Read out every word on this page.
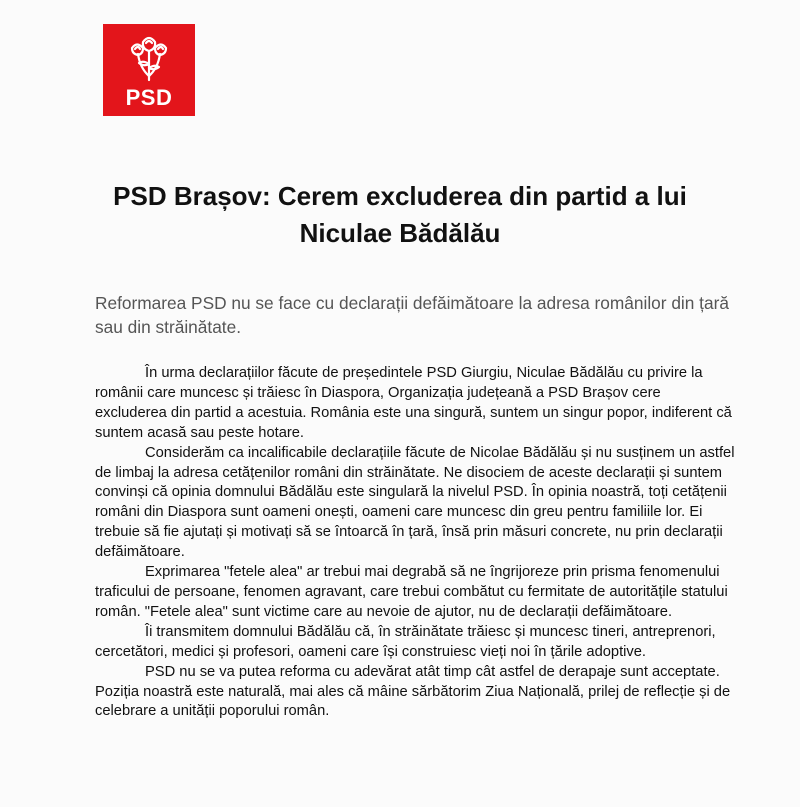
PSD
PSD Brașov: Cerem excluderea din partid a lui
Niculae Bădălău
Reformarea PSD nu se face cu declarații defăimătoare la adresa românilor din țară sau din străinătate.

În urma declarațiilor făcute de președintele PSD Giurgiu, Niculae Bădălău cu privire la românii care muncesc și trăiesc în Diaspora, Organizația județeană a PSD Brașov cere excluderea din partid a acestuia. România este una singură, suntem un singur popor, indiferent că suntem acasă sau peste hotare.

Considerăm ca incalificabile declarațiile făcute de Nicolae Bădălău și nu susținem un astfel de limbaj la adresa cetățenilor români din străinătate. Ne disociem de aceste declarații și suntem convinși că opinia domnului Bădălău este singulară la nivelul PSD. În opinia noastră, toți cetățenii români din Diaspora sunt oameni onești, oameni care muncesc din greu pentru familiile lor. Ei trebuie să fie ajutați și motivați să se întoarcă în țară, însă prin măsuri concrete, nu prin declarații defăimătoare.

Exprimarea "fetele alea" ar trebui mai degrabă să ne îngrijoreze prin prisma fenomenului traficului de persoane, fenomen agravant, care trebui combătut cu fermitate de autoritățile statului român. "Fetele alea" sunt victime care au nevoie de ajutor, nu de declarații defăimătoare.

Îi transmitem domnului Bădălău că, în străinătate trăiesc și muncesc tineri, antreprenori, cercetători, medici și profesori, oameni care își construiesc vieți noi în țările adoptive.

PSD nu se va putea reforma cu adevărat atât timp cât astfel de derapaje sunt acceptate.

Poziția noastră este naturală, mai ales că mâine sărbătorim Ziua Națională, prilej de reflecție și de celebrare a unității poporului român.
